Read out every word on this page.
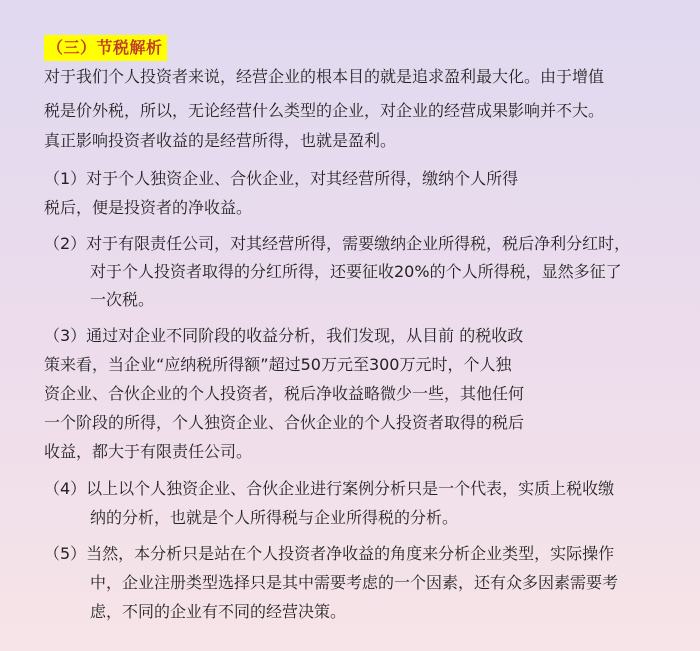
（三）节税解析
对于我们个人投资者来说，经营企业的根本目的就是追求盈利最大化。由于增值
税是价外税，所以，无论经营什么类型的企业，对企业的经营成果影响并不大。
真正影响投资者收益的是经营所得，也就是盈利。
（1）对于个人独资企业、合伙企业，对其经营所得，缴纳个人所得
税后，便是投资者的净收益。
（2）对于有限责任公司，对其经营所得，需要缴纳企业所得税，税后净利分红时，
对于个人投资者取得的分红所得，还要征收20%的个人所得税，显然多征了
一次税。
（3）通过对企业不同阶段的收益分析，我们发现，从目前 的税收政
策来看，当企业“应纳税所得额”超过50万元至300万元时，个人独
资企业、合伙企业的个人投资者，税后净收益略微少一些，其他任何
一个阶段的所得，个人独资企业、合伙企业的个人投资者取得的税后
收益，都大于有限责任公司。
（4）以上以个人独资企业、合伙企业进行案例分析只是一个代表，实质上税收缴
纳的分析，也就是个人所得税与企业所得税的分析。
（5）当然，本分析只是站在个人投资者净收益的角度来分析企业类型，实际操作
中，企业注册类型选择只是其中需要考虑的一个因素，还有众多因素需要考
虑，不同的企业有不同的经营决策。
